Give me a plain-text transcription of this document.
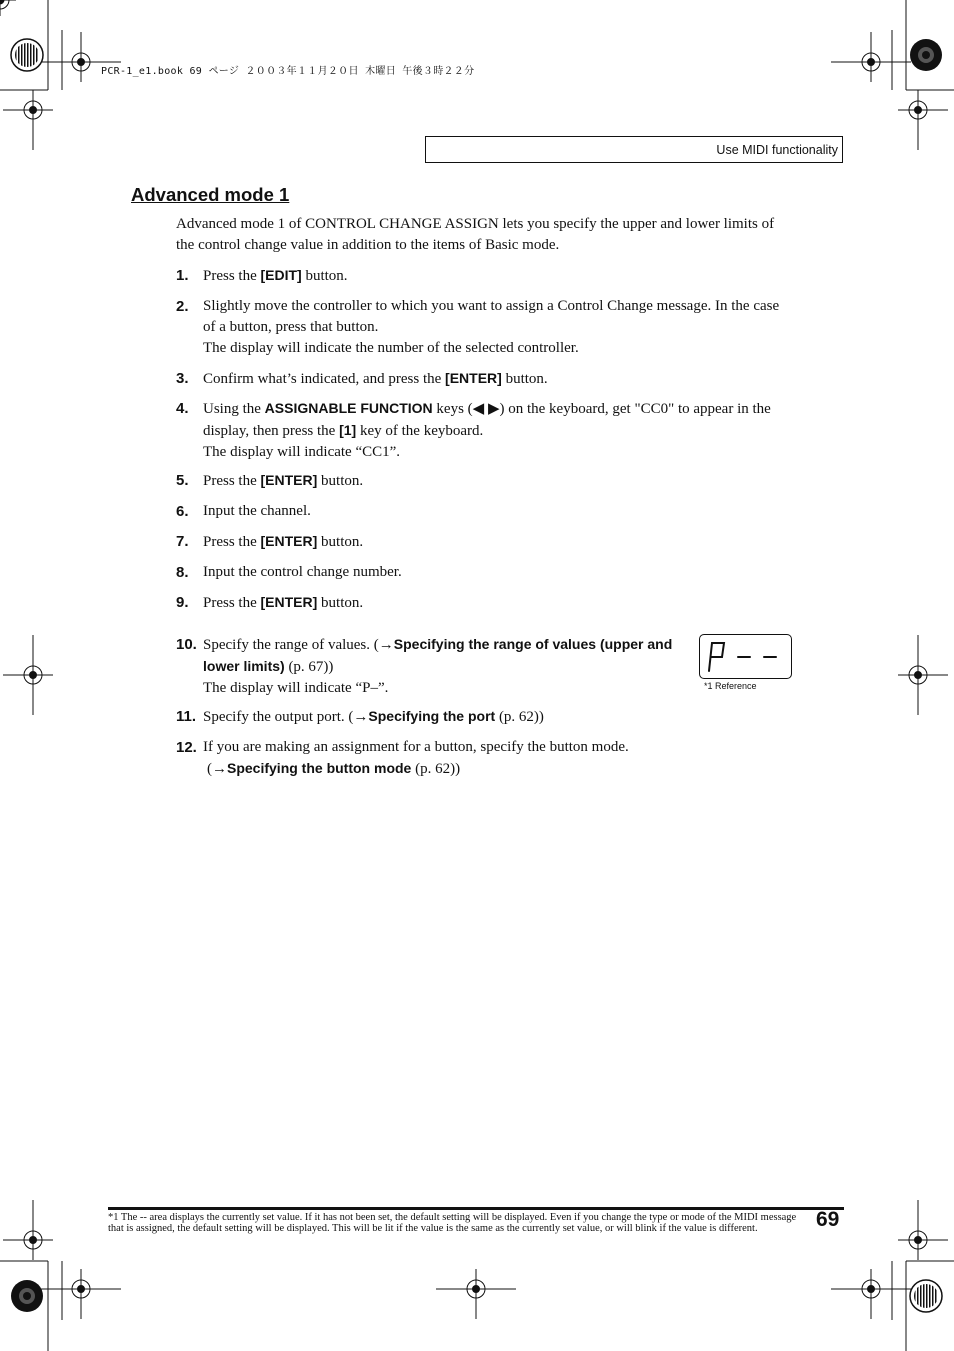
PCR-1_e1.book 69 ページ ２００３年１１月２０日 木曜日 午後３時２２分
Use MIDI functionality
Advanced mode 1
Advanced mode 1 of CONTROL CHANGE ASSIGN lets you specify the upper and lower limits of the control change value in addition to the items of Basic mode.
1. Press the [EDIT] button.
2. Slightly move the controller to which you want to assign a Control Change message. In the case of a button, press that button.

The display will indicate the number of the selected controller.

3. Confirm what’s indicated, and press the [ENTER] button.
4. Using the ASSIGNABLE FUNCTION keys (◀ ▶) on the keyboard, get "CC0" to appear in the display, then press the [1] key of the keyboard.

The display will indicate “CC1”.

5. Press the [ENTER] button.
6. Input the channel.
7. Press the [ENTER] button.
8. Input the control change number.
9. Press the [ENTER] button.
10. Specify the range of values. (→Specifying the range of values (upper and lower limits) (p. 67))

The display will indicate “P–”.	*1 Reference
11. Specify the output port. (→Specifying the port (p. 62))
12. If you are making an assignment for a button, specify the button mode.

(→Specifying the button mode (p. 62))

*1 The -- area displays the currently set value. If it has not been set, the default setting will be displayed. Even if you change the type or mode of the MIDI message that is assigned, the default setting will be displayed. This will be lit if the value is the same as the currently set value, or will blink if the value is different.	69
